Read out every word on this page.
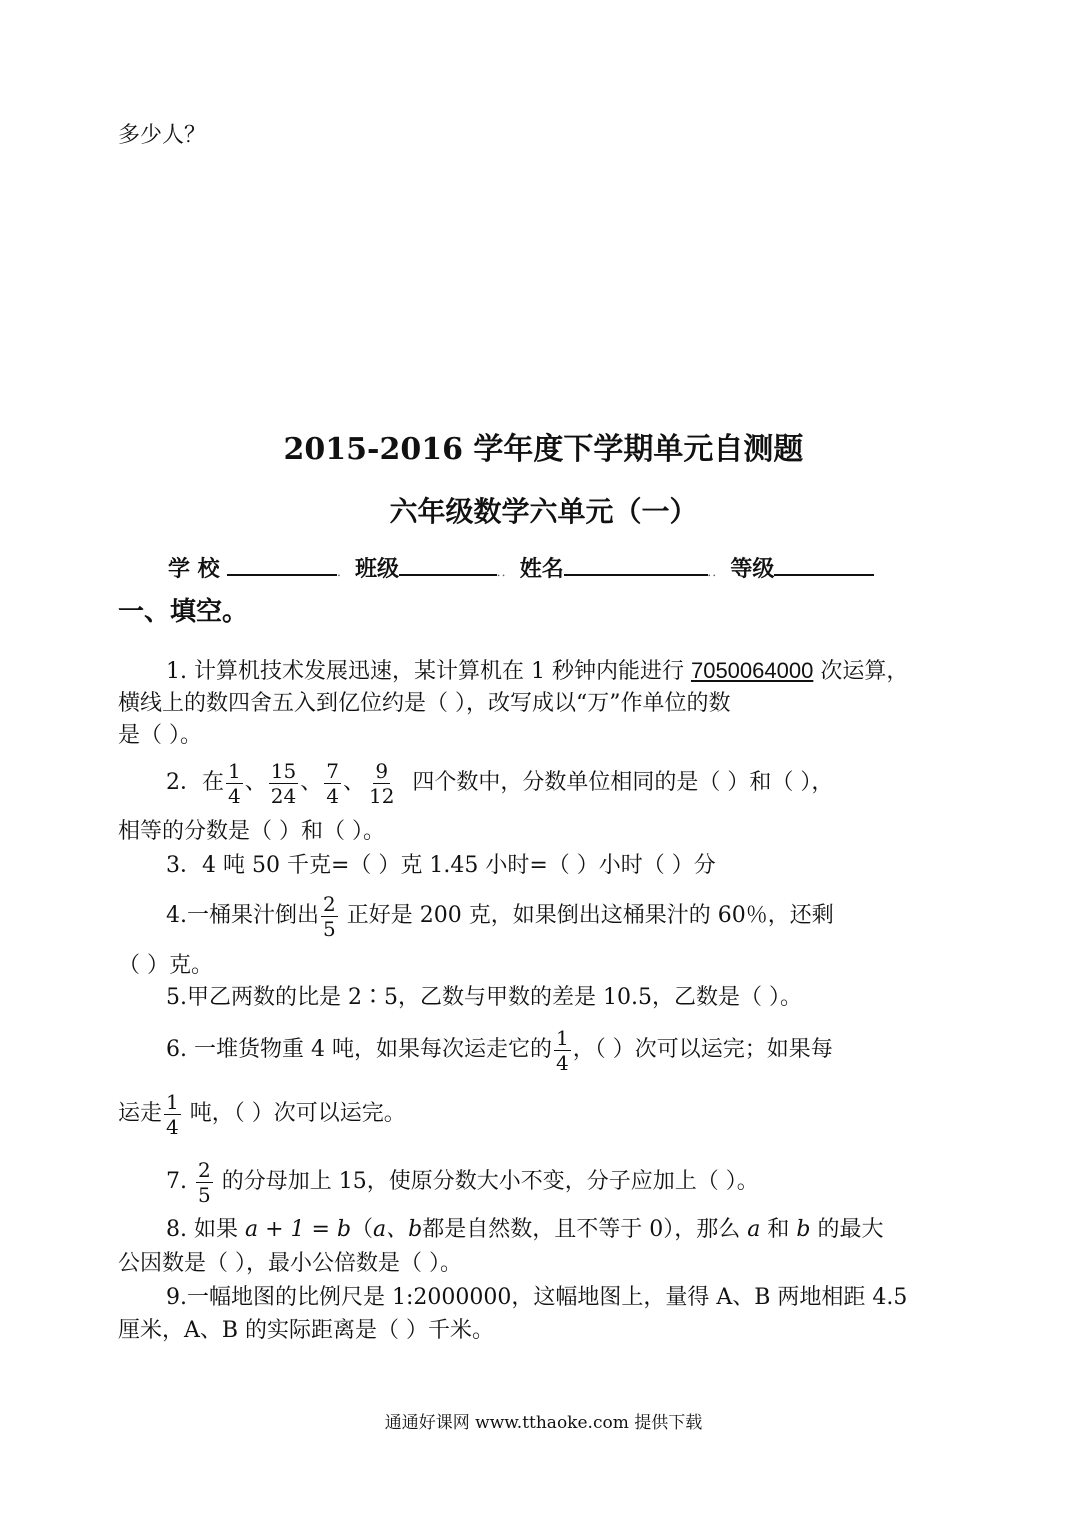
多少人？
2015-2016 学年度下学期单元自测题
六年级数学六单元（一）
学 校	． 班级	．． 姓名	．． 等级
一、填空。
1. 计算机技术发展迅速，某计算机在 1 秒钟内能进行 7050064000 次运算，
横线上的数四舍五入到亿位约是（ ），改写成以“万”作单位的数
是（ ）。
2．在 $\frac{1}{4}$ 、 $\frac{15}{24}$ 、 $\frac{7}{4}$ 、 $\frac{9}{12}$ 四个数中，分数单位相同的是（ ）和（ ），
相等的分数是（ ）和（ ）。
3．4 吨 50 千克=（ ）克 1.45 小时=（ ）小时（ ）分
4.一桶果汁倒出 $\frac{2}{5}$ 正好是 200 克，如果倒出这桶果汁的 60％，还剩
（ ）克。
5.甲乙两数的比是 2∶5，乙数与甲数的差是 10.5，乙数是（ ）。
6. 一堆货物重 4 吨，如果每次运走它的 $\frac{1}{4}$ ，（ ）次可以运完；如果每
运走 $\frac{1}{4}$ 吨，（ ）次可以运完。
7. $\frac{2}{5}$ 的分母加上 15，使原分数大小不变，分子应加上（ ）。
8. 如果 a + 1 = b（a、b都是自然数，且不等于 0），那么 a 和 b 的最大
公因数是（ ），最小公倍数是（ ）。
9.一幅地图的比例尺是 1:2000000，这幅地图上，量得 A、B 两地相距 4.5
厘米，A、B 的实际距离是（ ）千米。
通通好课网 www.tthaoke.com 提供下载
